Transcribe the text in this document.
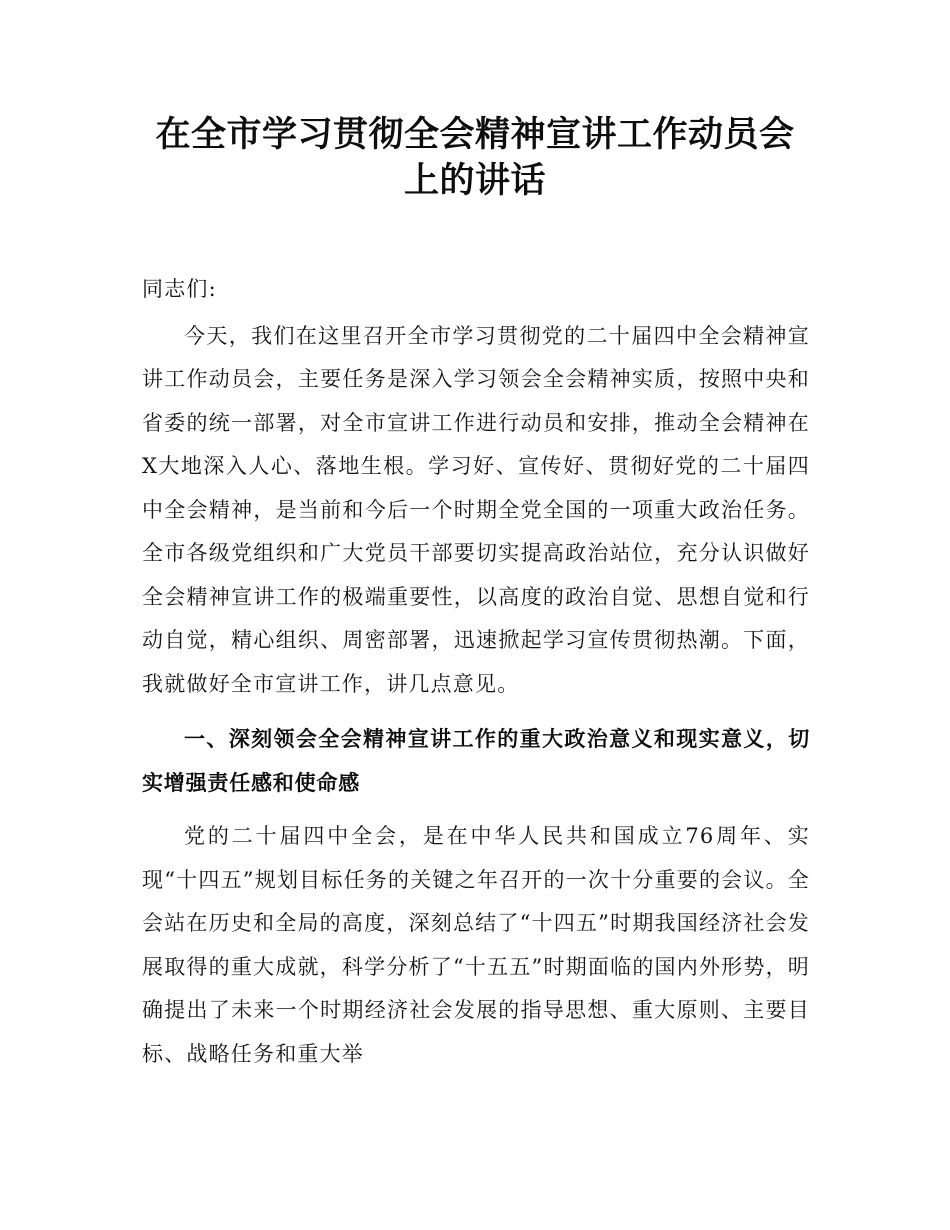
在全市学习贯彻全会精神宣讲工作动员会上的讲话

同志们:

今天，我们在这里召开全市学习贯彻党的二十届四中全会精神宣讲工作动员会，主要任务是深入学习领会全会精神实质，按照中央和省委的统一部署，对全市宣讲工作进行动员和安排，推动全会精神在X大地深入人心、落地生根。学习好、宣传好、贯彻好党的二十届四中全会精神，是当前和今后一个时期全党全国的一项重大政治任务。全市各级党组织和广大党员干部要切实提高政治站位，充分认识做好全会精神宣讲工作的极端重要性，以高度的政治自觉、思想自觉和行动自觉，精心组织、周密部署，迅速掀起学习宣传贯彻热潮。下面，我就做好全市宣讲工作，讲几点意见。

一、深刻领会全会精神宣讲工作的重大政治意义和现实意义，切实增强责任感和使命感

党的二十届四中全会，是在中华人民共和国成立76周年、实现“十四五”规划目标任务的关键之年召开的一次十分重要的会议。全会站在历史和全局的高度，深刻总结了“十四五”时期我国经济社会发展取得的重大成就，科学分析了“十五五”时期面临的国内外形势，明确提出了未来一个时期经济社会发展的指导思想、重大原则、主要目标、战略任务和重大举
